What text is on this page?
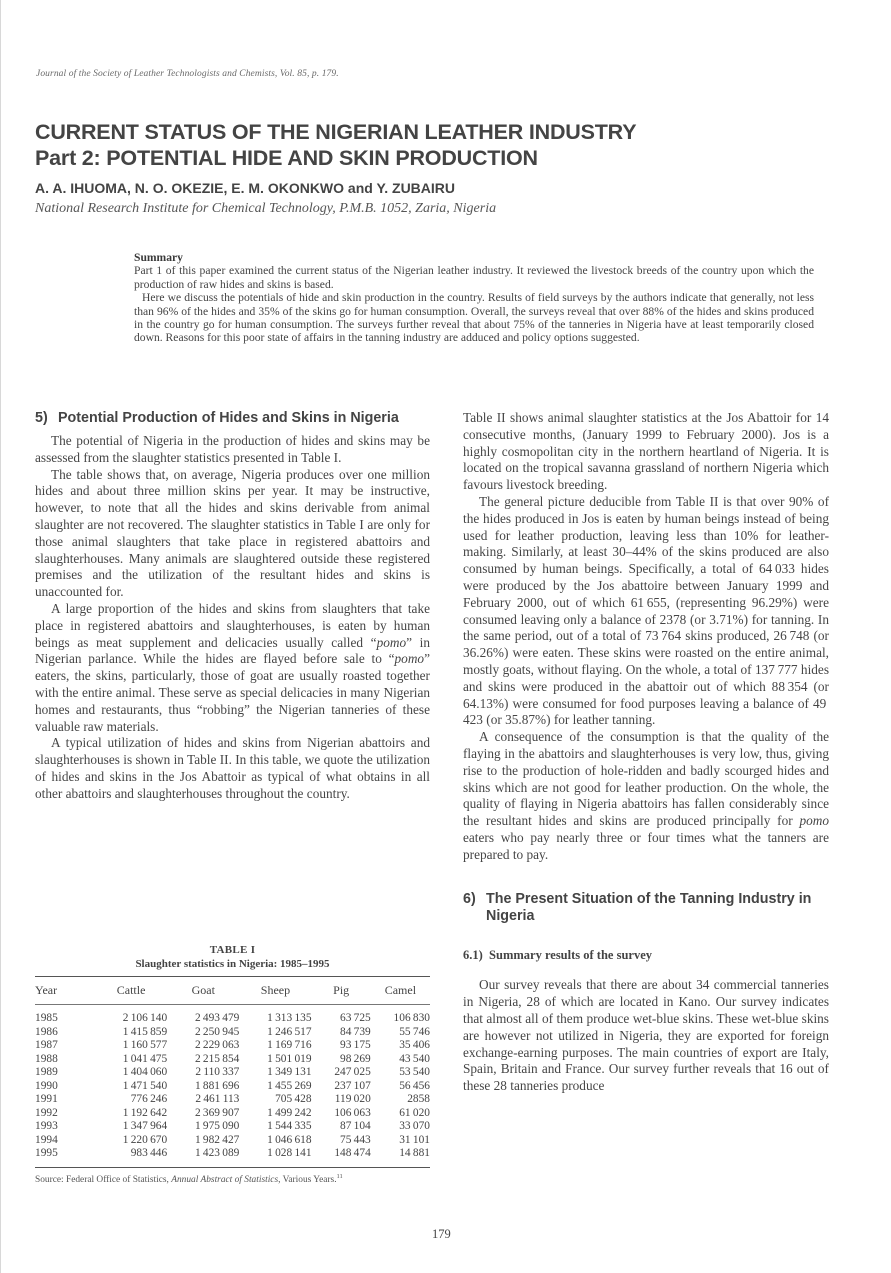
Journal of the Society of Leather Technologists and Chemists, Vol. 85, p. 179.
CURRENT STATUS OF THE NIGERIAN LEATHER INDUSTRY
Part 2: POTENTIAL HIDE AND SKIN PRODUCTION
A. A. IHUOMA, N. O. OKEZIE, E. M. OKONKWO and Y. ZUBAIRU
National Research Institute for Chemical Technology, P.M.B. 1052, Zaria, Nigeria
Summary

Part 1 of this paper examined the current status of the Nigerian leather industry. It reviewed the livestock breeds of the country upon which the production of raw hides and skins is based.

Here we discuss the potentials of hide and skin production in the country. Results of field surveys by the authors indicate that generally, not less than 96% of the hides and 35% of the skins go for human consumption. Overall, the surveys reveal that over 88% of the hides and skins produced in the country go for human consumption. The surveys further reveal that about 75% of the tanneries in Nigeria have at least temporarily closed down. Reasons for this poor state of affairs in the tanning industry are adduced and policy options suggested.

5) Potential Production of Hides and Skins in Nigeria

The potential of Nigeria in the production of hides and skins may be assessed from the slaughter statistics presented in Table I.

The table shows that, on average, Nigeria produces over one million hides and about three million skins per year. It may be instructive, however, to note that all the hides and skins derivable from animal slaughter are not recovered. The slaughter statistics in Table I are only for those animal slaughters that take place in registered abattoirs and slaughterhouses. Many animals are slaughtered outside these registered premises and the utilization of the resultant hides and skins is unaccounted for.

A large proportion of the hides and skins from slaughters that take place in registered abattoirs and slaughterhouses, is eaten by human beings as meat supplement and delicacies usually called “pomo” in Nigerian parlance. While the hides are flayed before sale to “pomo” eaters, the skins, particularly, those of goat are usually roasted together with the entire animal. These serve as special delicacies in many Nigerian homes and restaurants, thus “robbing” the Nigerian tanneries of these valuable raw materials.

A typical utilization of hides and skins from Nigerian abattoirs and slaughterhouses is shown in Table II. In this table, we quote the utilization of hides and skins in the Jos Abattoir as typical of what obtains in all other abattoirs and slaughterhouses throughout the country.

TABLE I
Slaughter statistics in Nigeria: 1985–1995
Year	Cattle	Goat	Sheep	Pig	Camel
1985	2 106 140	2 493 479	1 313 135	63 725	106 830
1986	1 415 859	2 250 945	1 246 517	84 739	55 746
1987	1 160 577	2 229 063	1 169 716	93 175	35 406
1988	1 041 475	2 215 854	1 501 019	98 269	43 540
1989	1 404 060	2 110 337	1 349 131	247 025	53 540
1990	1 471 540	1 881 696	1 455 269	237 107	56 456
1991	776 246	2 461 113	705 428	119 020	2858
1992	1 192 642	2 369 907	1 499 242	106 063	61 020
1993	1 347 964	1 975 090	1 544 335	87 104	33 070
1994	1 220 670	1 982 427	1 046 618	75 443	31 101
1995	983 446	1 423 089	1 028 141	148 474	14 881
Source: Federal Office of Statistics, Annual Abstract of Statistics, Various Years.$^{11}$

Table II shows animal slaughter statistics at the Jos Abattoir for 14 consecutive months, (January 1999 to February 2000). Jos is a highly cosmopolitan city in the northern heartland of Nigeria. It is located on the tropical savanna grassland of northern Nigeria which favours livestock breeding.

The general picture deducible from Table II is that over 90% of the hides produced in Jos is eaten by human beings instead of being used for leather production, leaving less than 10% for leather-making. Similarly, at least 30–44% of the skins produced are also consumed by human beings. Specifically, a total of 64 033 hides were produced by the Jos abattoire between January 1999 and February 2000, out of which 61 655, (representing 96.29%) were consumed leaving only a balance of 2378 (or 3.71%) for tanning. In the same period, out of a total of 73 764 skins produced, 26 748 (or 36.26%) were eaten. These skins were roasted on the entire animal, mostly goats, without flaying. On the whole, a total of 137 777 hides and skins were produced in the abattoir out of which 88 354 (or 64.13%) were consumed for food purposes leaving a balance of 49 423 (or 35.87%) for leather tanning.

A consequence of the consumption is that the quality of the flaying in the abattoirs and slaughterhouses is very low, thus, giving rise to the production of hole-ridden and badly scourged hides and skins which are not good for leather production. On the whole, the quality of flaying in Nigeria abattoirs has fallen considerably since the resultant hides and skins are produced principally for pomo eaters who pay nearly three or four times what the tanners are prepared to pay.

6) The Present Situation of the Tanning Industry in Nigeria
6.1) Summary results of the survey

Our survey reveals that there are about 34 commercial tanneries in Nigeria, 28 of which are located in Kano. Our survey indicates that almost all of them produce wet-blue skins. These wet-blue skins are however not utilized in Nigeria, they are exported for foreign exchange-earning purposes. The main countries of export are Italy, Spain, Britain and France. Our survey further reveals that 16 out of these 28 tanneries produce

179
